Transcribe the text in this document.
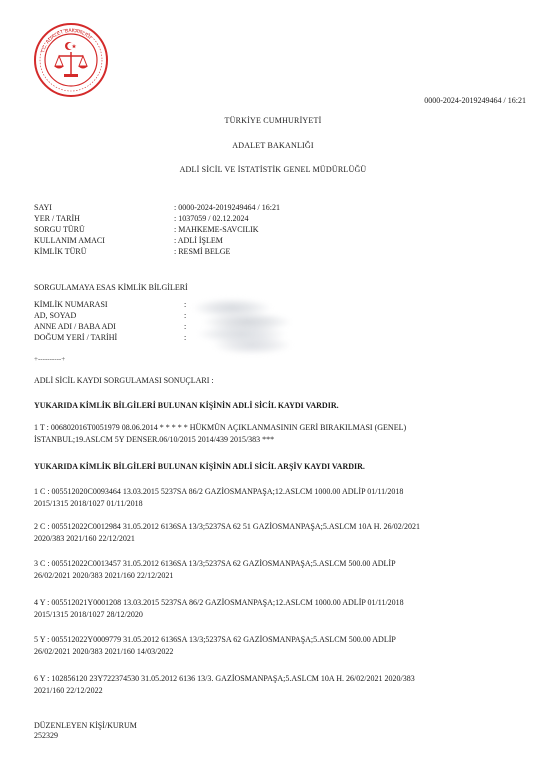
T.C. ADALET BAKANLIĞI
0000-2024-2019249464 / 16:21
TÜRKİYE CUMHURİYETİ
ADALET BAKANLIĞI
ADLİ SİCİL VE İSTATİSTİK GENEL MÜDÜRLÜĞÜ
SAYI	: 0000-2024-2019249464 / 16:21
YER / TARİH	: 1037059 / 02.12.2024
SORGU TÜRÜ	: MAHKEME-SAVCILIK
KULLANIM AMACI	: ADLİ İŞLEM
KİMLİK TÜRÜ	: RESMİ BELGE
SORGULAMAYA ESAS KİMLİK BİLGİLERİ
KİMLİK NUMARASI	:
AD, SOYAD	:
ANNE ADI / BABA ADI	:
DOĞUM YERİ / TARİHİ	:
+----------+
ADLİ SİCİL KAYDI SORGULAMASI SONUÇLARI :
YUKARIDA KİMLİK BİLGİLERİ BULUNAN KİŞİNİN ADLİ SİCİL KAYDI VARDIR.
1 T : 006802016T0051979 08.06.2014 * * * * * HÜKMÜN AÇIKLANMASININ GERİ BIRAKILMASI (GENEL)
İSTANBUL;19.ASLCM 5Y DENSER.06/10/2015 2014/439 2015/383 ***
YUKARIDA KİMLİK BİLGİLERİ BULUNAN KİŞİNİN ADLİ SİCİL ARŞİV KAYDI VARDIR.
1 C : 005512020C0093464 13.03.2015 5237SA 86/2 GAZİOSMANPAŞA;12.ASLCM 1000.00 ADLİP 01/11/2018
2015/1315 2018/1027 01/11/2018
2 C : 005512022C0012984 31.05.2012 6136SA 13/3;5237SA 62 51 GAZİOSMANPAŞA;5.ASLCM 10A H. 26/02/2021
2020/383 2021/160 22/12/2021
3 C : 005512022C0013457 31.05.2012 6136SA 13/3;5237SA 62 GAZİOSMANPAŞA;5.ASLCM 500.00 ADLİP
26/02/2021 2020/383 2021/160 22/12/2021
4 Y : 005512021Y0001208 13.03.2015 5237SA 86/2 GAZİOSMANPAŞA;12.ASLCM 1000.00 ADLİP 01/11/2018
2015/1315 2018/1027 28/12/2020
5 Y : 005512022Y0009779 31.05.2012 6136SA 13/3;5237SA 62 GAZİOSMANPAŞA;5.ASLCM 500.00 ADLİP
26/02/2021 2020/383 2021/160 14/03/2022
6 Y : 102856120 23Y722374530 31.05.2012 6136 13/3. GAZİOSMANPAŞA;5.ASLCM 10A H. 26/02/2021 2020/383
2021/160 22/12/2022
DÜZENLEYEN KİŞİ/KURUM
252329
